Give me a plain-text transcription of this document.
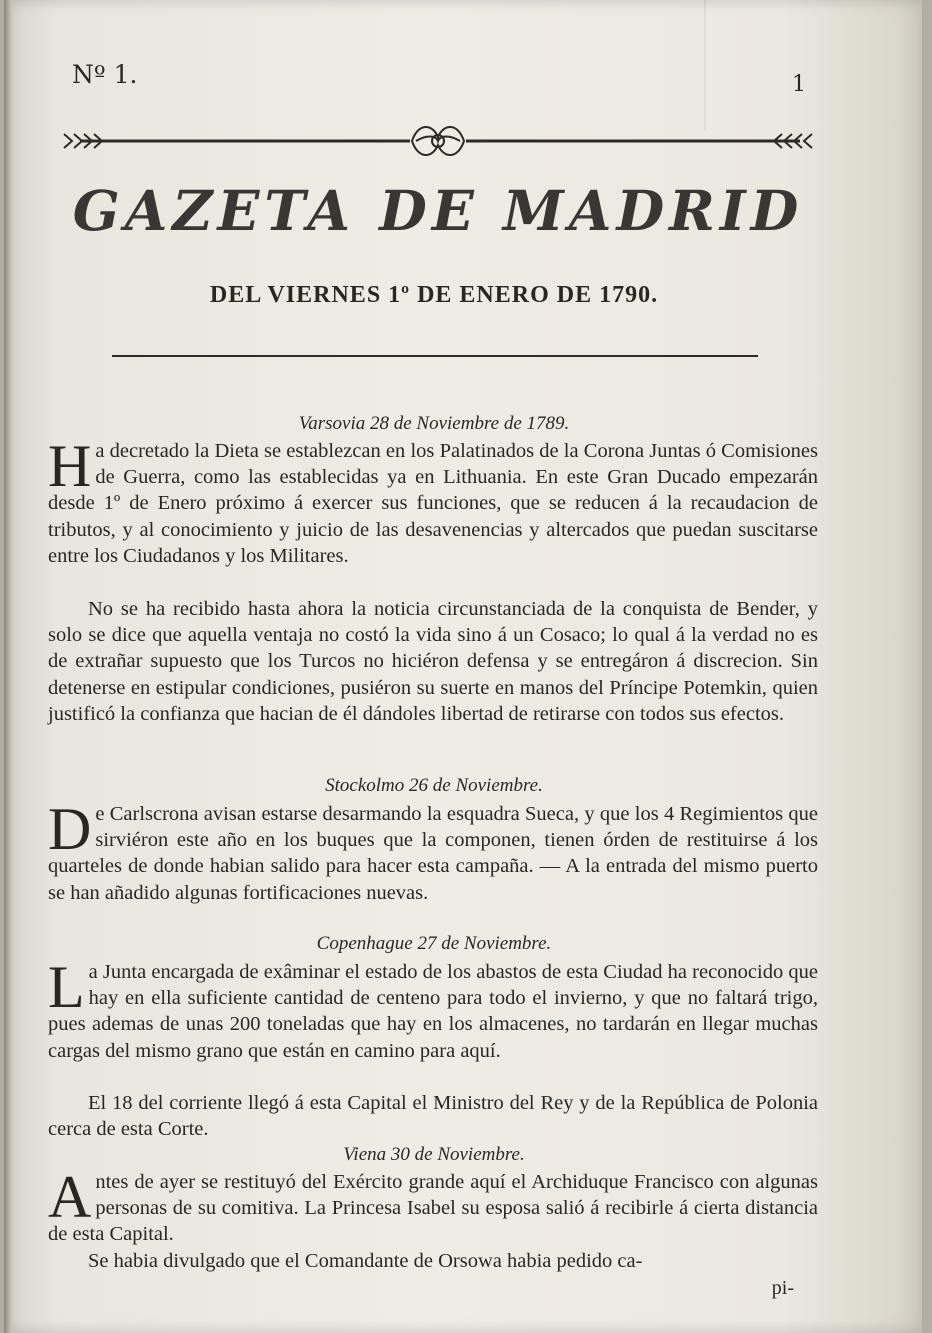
Nº 1.	1
GAZETA DE MADRID
DEL VIERNES 1º DE ENERO DE 1790.
Varsovia 28 de Noviembre de 1789.
Ha decretado la Dieta se establezcan en los Palatinados de la Corona Juntas ó Comisiones de Guerra, como las establecidas ya en Lithuania. En este Gran Ducado empezarán desde 1º de Enero próximo á exercer sus funciones, que se reducen á la recaudacion de tributos, y al conocimiento y juicio de las desavenencias y altercados que puedan suscitarse entre los Ciudadanos y los Militares.
No se ha recibido hasta ahora la noticia circunstanciada de la conquista de Bender, y solo se dice que aquella ventaja no costó la vida sino á un Cosaco; lo qual á la verdad no es de extrañar supuesto que los Turcos no hiciéron defensa y se entregáron á discrecion. Sin detenerse en estipular condiciones, pusiéron su suerte en manos del Príncipe Potemkin, quien justificó la confianza que hacian de él dándoles libertad de retirarse con todos sus efectos.
Stockolmo 26 de Noviembre.
De Carlscrona avisan estarse desarmando la esquadra Sueca, y que los 4 Regimientos que sirviéron este año en los buques que la componen, tienen órden de restituirse á los quarteles de donde habian salido para hacer esta campaña. — A la entrada del mismo puerto se han añadido algunas fortificaciones nuevas.
Copenhague 27 de Noviembre.
La Junta encargada de exâminar el estado de los abastos de esta Ciudad ha reconocido que hay en ella suficiente cantidad de centeno para todo el invierno, y que no faltará trigo, pues ademas de unas 200 toneladas que hay en los almacenes, no tardarán en llegar muchas cargas del mismo grano que están en camino para aquí.
El 18 del corriente llegó á esta Capital el Ministro del Rey y de la República de Polonia cerca de esta Corte.
Viena 30 de Noviembre.
Antes de ayer se restituyó del Exército grande aquí el Archiduque Francisco con algunas personas de su comitiva. La Princesa Isabel su esposa salió á recibirle á cierta distancia de esta Capital.
Se habia divulgado que el Comandante de Orsowa habia pedido ca-
pi-
